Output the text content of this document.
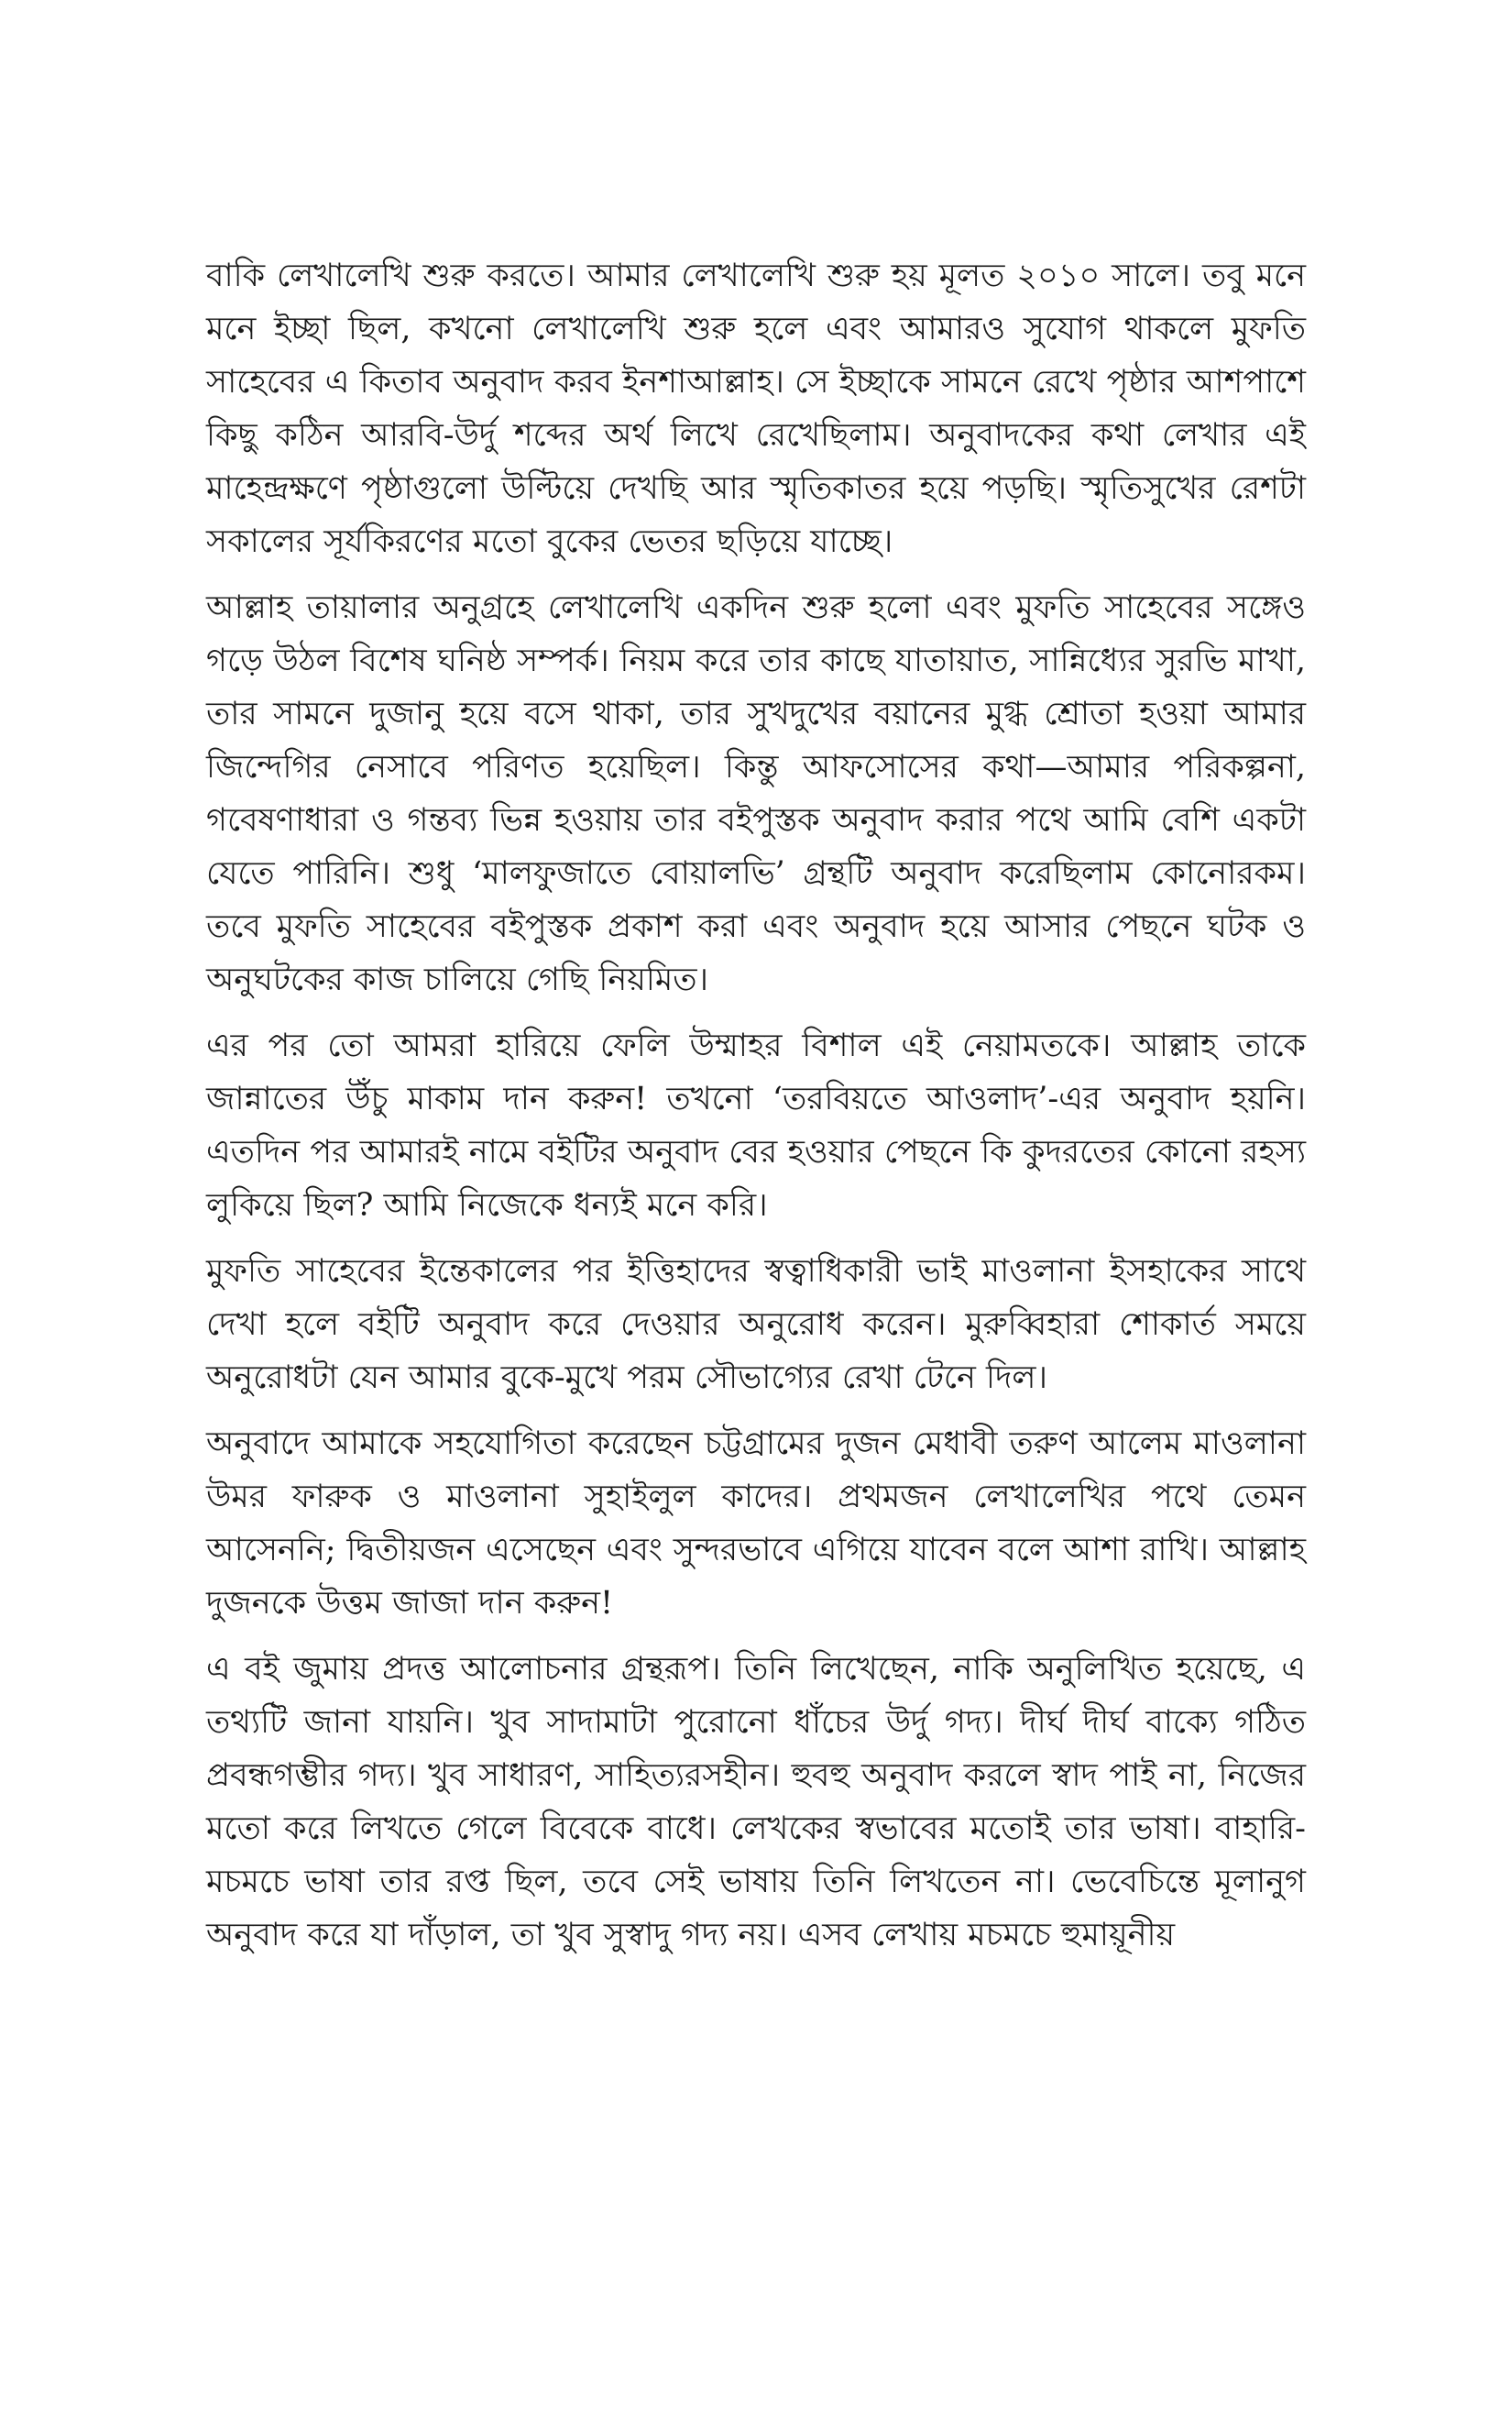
বাকি লেখালেখি শুরু করতে। আমার লেখালেখি শুরু হয় মূলত ২০১০ সালে। তবু মনে মনে ইচ্ছা ছিল, কখনো লেখালেখি শুরু হলে এবং আমারও সুযোগ থাকলে মুফতি সাহেবের এ কিতাব অনুবাদ করব ইনশাআল্লাহ। সে ইচ্ছাকে সামনে রেখে পৃষ্ঠার আশপাশে কিছু কঠিন আরবি-উর্দু শব্দের অর্থ লিখে রেখেছিলাম। অনুবাদকের কথা লেখার এই মাহেন্দ্রক্ষণে পৃষ্ঠাগুলো উল্টিয়ে দেখছি আর স্মৃতিকাতর হয়ে পড়ছি। স্মৃতিসুখের রেশটা সকালের সূর্যকিরণের মতো বুকের ভেতর ছড়িয়ে যাচ্ছে।

আল্লাহ তায়ালার অনুগ্রহে লেখালেখি একদিন শুরু হলো এবং মুফতি সাহেবের সঙ্গেও গড়ে উঠল বিশেষ ঘনিষ্ঠ সম্পর্ক। নিয়ম করে তার কাছে যাতায়াত, সান্নিধ্যের সুরভি মাখা, তার সামনে দুজানু হয়ে বসে থাকা, তার সুখদুখের বয়ানের মুগ্ধ শ্রোতা হওয়া আমার জিন্দেগির নেসাবে পরিণত হয়েছিল। কিন্তু আফসোসের কথা—আমার পরিকল্পনা, গবেষণাধারা ও গন্তব্য ভিন্ন হওয়ায় তার বইপুস্তক অনুবাদ করার পথে আমি বেশি একটা যেতে পারিনি। শুধু ‘মালফুজাতে বোয়ালভি’ গ্রন্থটি অনুবাদ করেছিলাম কোনোরকম। তবে মুফতি সাহেবের বইপুস্তক প্রকাশ করা এবং অনুবাদ হয়ে আসার পেছনে ঘটক ও অনুঘটকের কাজ চালিয়ে গেছি নিয়মিত।

এর পর তো আমরা হারিয়ে ফেলি উম্মাহর বিশাল এই নেয়ামতকে। আল্লাহ তাকে জান্নাতের উঁচু মাকাম দান করুন! তখনো ‘তরবিয়তে আওলাদ’-এর অনুবাদ হয়নি। এতদিন পর আমারই নামে বইটির অনুবাদ বের হওয়ার পেছনে কি কুদরতের কোনো রহস্য লুকিয়ে ছিল? আমি নিজেকে ধন্যই মনে করি।

মুফতি সাহেবের ইন্তেকালের পর ইত্তিহাদের স্বত্বাধিকারী ভাই মাওলানা ইসহাকের সাথে দেখা হলে বইটি অনুবাদ করে দেওয়ার অনুরোধ করেন। মুরুব্বিহারা শোকার্ত সময়ে অনুরোধটা যেন আমার বুকে-মুখে পরম সৌভাগ্যের রেখা টেনে দিল।

অনুবাদে আমাকে সহযোগিতা করেছেন চট্টগ্রামের দুজন মেধাবী তরুণ আলেম মাওলানা উমর ফারুক ও মাওলানা সুহাইলুল কাদের। প্রথমজন লেখালেখির পথে তেমন আসেননি; দ্বিতীয়জন এসেছেন এবং সুন্দরভাবে এগিয়ে যাবেন বলে আশা রাখি। আল্লাহ দুজনকে উত্তম জাজা দান করুন!

এ বই জুমায় প্রদত্ত আলোচনার গ্রন্থরূপ। তিনি লিখেছেন, নাকি অনুলিখিত হয়েছে, এ তথ্যটি জানা যায়নি। খুব সাদামাটা পুরোনো ধাঁচের উর্দু গদ্য। দীর্ঘ দীর্ঘ বাক্যে গঠিত প্রবন্ধগম্ভীর গদ্য। খুব সাধারণ, সাহিত্যরসহীন। হুবহু অনুবাদ করলে স্বাদ পাই না, নিজের মতো করে লিখতে গেলে বিবেকে বাধে। লেখকের স্বভাবের মতোই তার ভাষা। বাহারি-মচমচে ভাষা তার রপ্ত ছিল, তবে সেই ভাষায় তিনি লিখতেন না। ভেবেচিন্তে মূলানুগ অনুবাদ করে যা দাঁড়াল, তা খুব সুস্বাদু গদ্য নয়। এসব লেখায় মচমচে হুমায়ূনীয়
